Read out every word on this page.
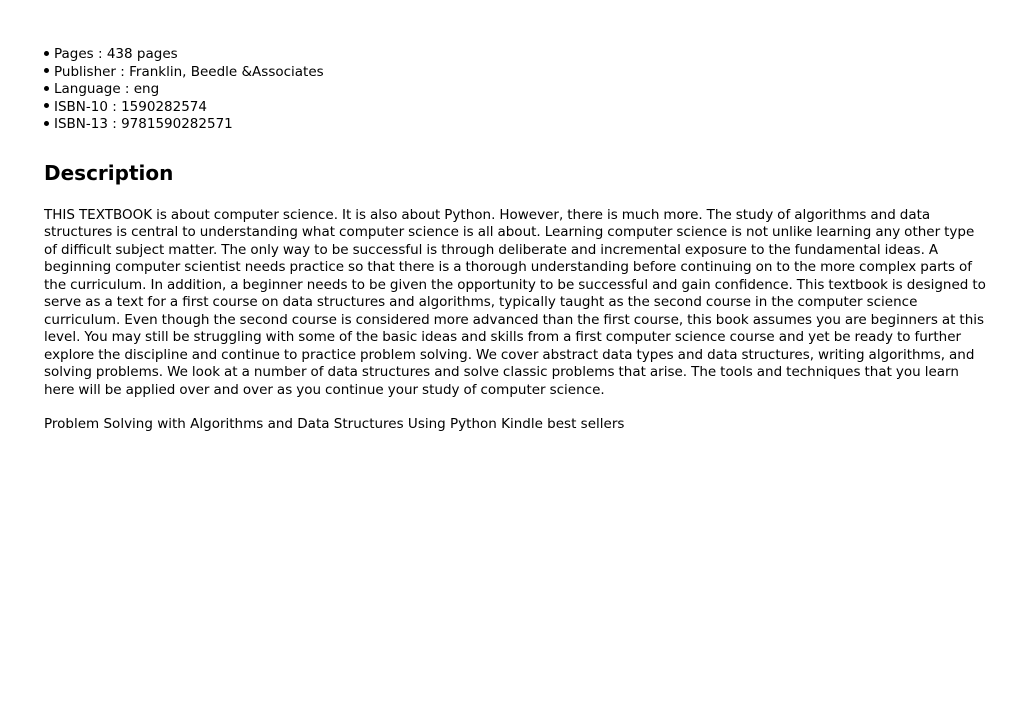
Pages : 438 pages
Publisher : Franklin, Beedle &Associates
Language : eng
ISBN-10 : 1590282574
ISBN-13 : 9781590282571
Description

THIS TEXTBOOK is about computer science. It is also about Python. However, there is much more. The study of algorithms and data structures is central to understanding what computer science is all about. Learning computer science is not unlike learning any other type of difficult subject matter. The only way to be successful is through deliberate and incremental exposure to the fundamental ideas. A beginning computer scientist needs practice so that there is a thorough understanding before continuing on to the more complex parts of the curriculum. In addition, a beginner needs to be given the opportunity to be successful and gain confidence. This textbook is designed to serve as a text for a first course on data structures and algorithms, typically taught as the second course in the computer science curriculum. Even though the second course is considered more advanced than the first course, this book assumes you are beginners at this level. You may still be struggling with some of the basic ideas and skills from a first computer science course and yet be ready to further explore the discipline and continue to practice problem solving. We cover abstract data types and data structures, writing algorithms, and solving problems. We look at a number of data structures and solve classic problems that arise. The tools and techniques that you learn here will be applied over and over as you continue your study of computer science.

Problem Solving with Algorithms and Data Structures Using Python Kindle best sellers
